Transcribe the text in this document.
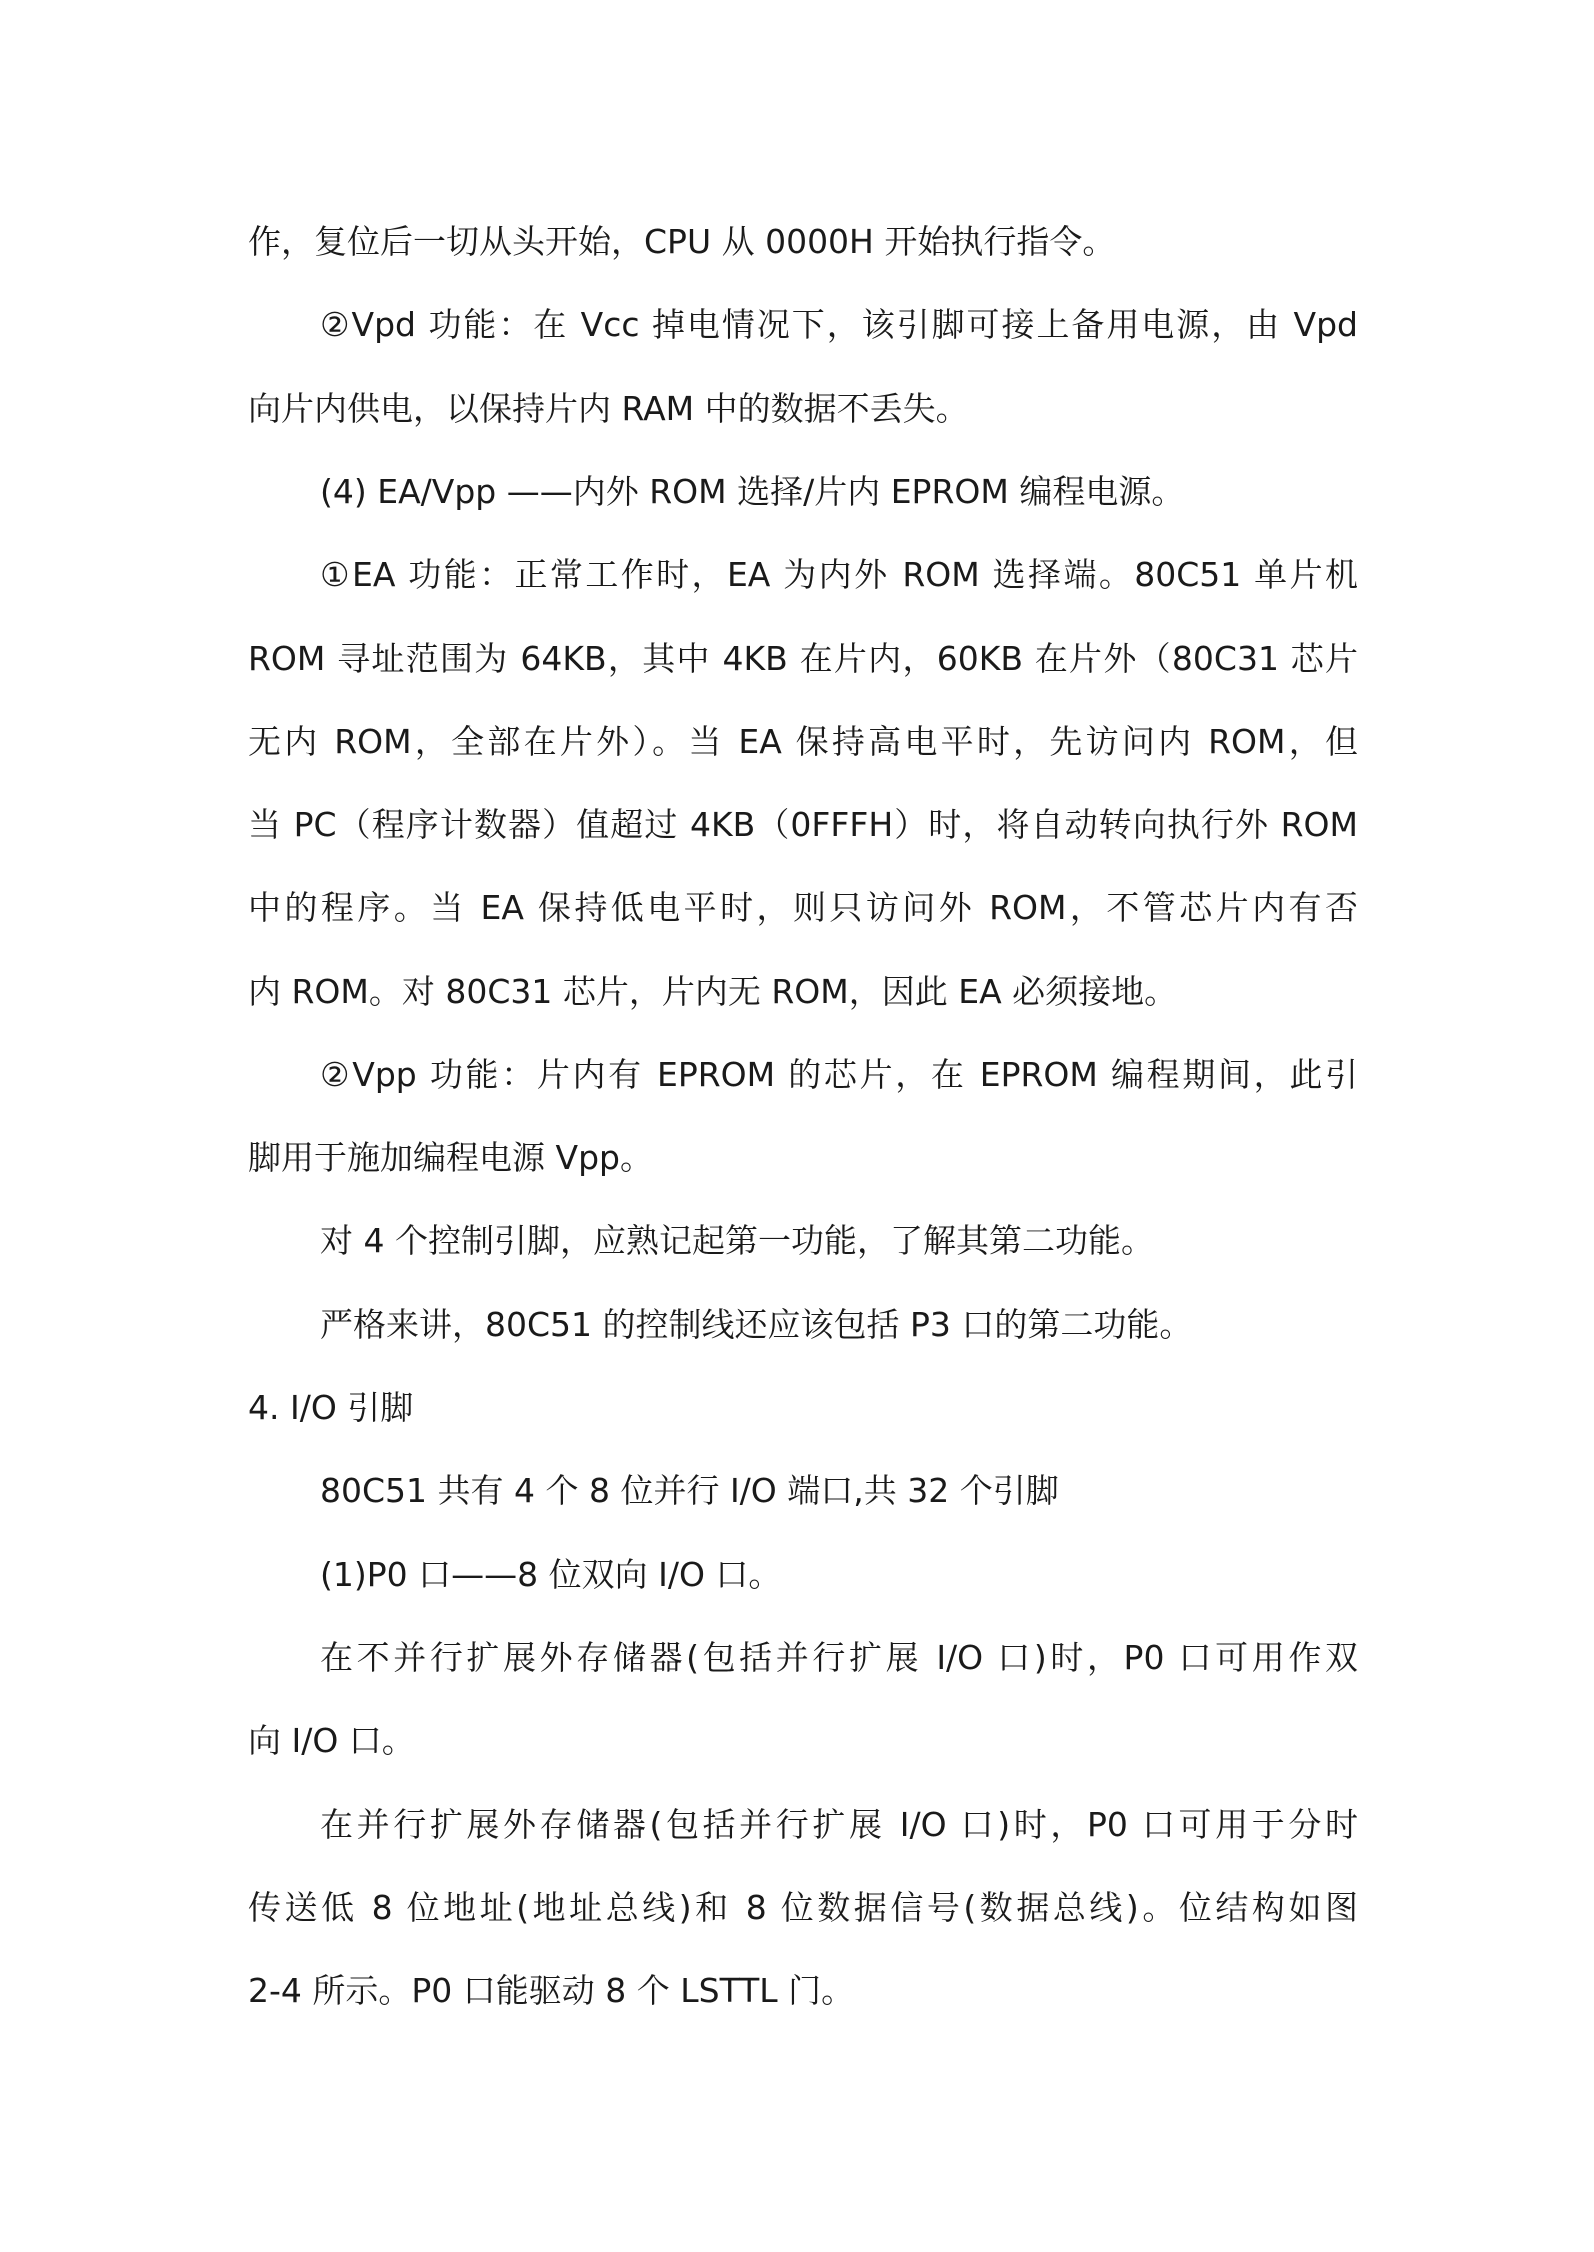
作，复位后一切从头开始，CPU 从 0000H 开始执行指令。

②Vpd 功能：在 Vcc 掉电情况下，该引脚可接上备用电源，由 Vpd

向片内供电，以保持片内 RAM 中的数据不丢失。

(4) EA/Vpp ——内外 ROM 选择/片内 EPROM 编程电源。

①EA 功能：正常工作时，EA 为内外 ROM 选择端。80C51 单片机

ROM 寻址范围为 64KB，其中 4KB 在片内，60KB 在片外（80C31 芯片

无内 ROM，全部在片外）。当 EA 保持高电平时，先访问内 ROM，但

当 PC（程序计数器）值超过 4KB（0FFFH）时，将自动转向执行外 ROM

中的程序。当 EA 保持低电平时，则只访问外 ROM，不管芯片内有否

内 ROM。对 80C31 芯片，片内无 ROM，因此 EA 必须接地。

②Vpp 功能：片内有 EPROM 的芯片，在 EPROM 编程期间，此引

脚用于施加编程电源 Vpp。

对 4 个控制引脚，应熟记起第一功能，了解其第二功能。

严格来讲，80C51 的控制线还应该包括 P3 口的第二功能。

4. I/O 引脚

80C51 共有 4 个 8 位并行 I/O 端口,共 32 个引脚

(1)P0 口——8 位双向 I/O 口。

在不并行扩展外存储器(包括并行扩展 I/O 口)时，P0 口可用作双

向 I/O 口。

在并行扩展外存储器(包括并行扩展 I/O 口)时，P0 口可用于分时

传送低 8 位地址(地址总线)和 8 位数据信号(数据总线)。位结构如图

2-4 所示。P0 口能驱动 8 个 LSTTL 门。
